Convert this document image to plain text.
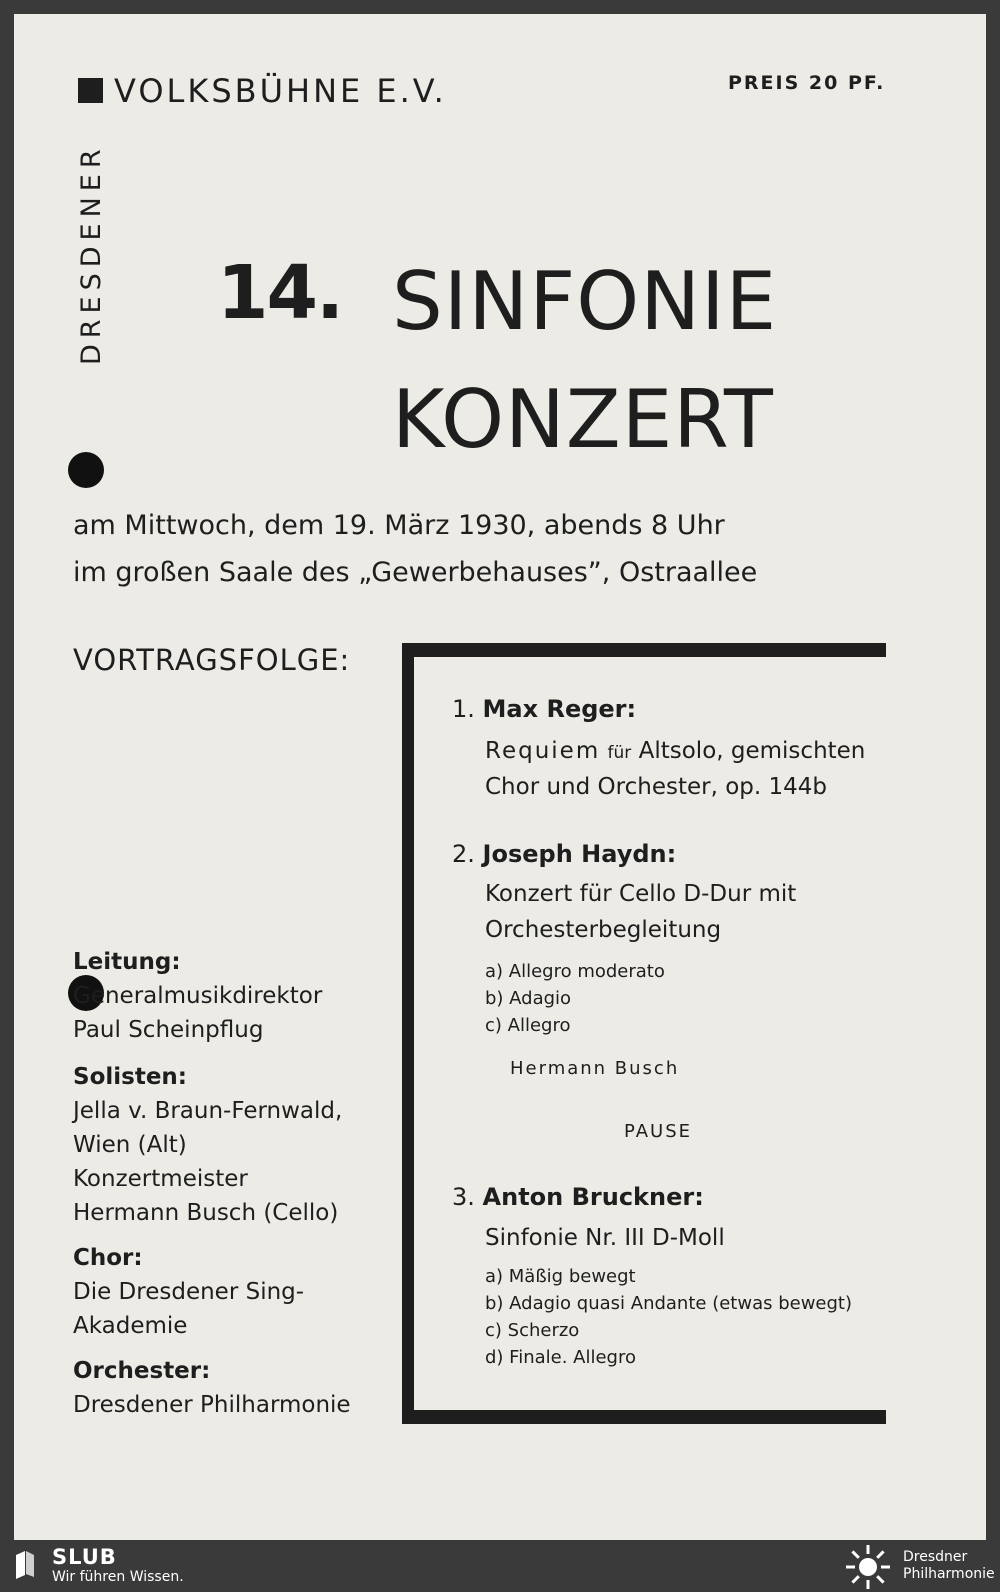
DRESDENER
VOLKSBÜHNE E.V.	PREIS 20 PF.
14. SINFONIE
KONZERT
am Mittwoch, dem 19. März 1930, abends 8 Uhr
im großen Saale des „Gewerbehauses”, Ostraallee
VORTRAGSFOLGE:
1. Max Reger:
Requiem für Altsolo, gemischten
Chor und Orchester, op. 144b
2. Joseph Haydn:
Konzert für Cello D-Dur mit
Orchesterbegleitung
a) Allegro moderato
b) Adagio
c) Allegro
Hermann Busch
PAUSE
3. Anton Bruckner:
Sinfonie Nr. III D-Moll
a) Mäßig bewegt
b) Adagio quasi Andante (etwas bewegt)
c) Scherzo
d) Finale. Allegro
Leitung:
Generalmusikdirektor
Paul Scheinpflug
Solisten:
Jella v. Braun-Fernwald,
Wien (Alt)
Konzertmeister
Hermann Busch (Cello)
Chor:
Die Dresdener Sing-
Akademie
Orchester:
Dresdener Philharmonie
SLUB
Wir führen Wissen.
Dresdner
Philharmonie
